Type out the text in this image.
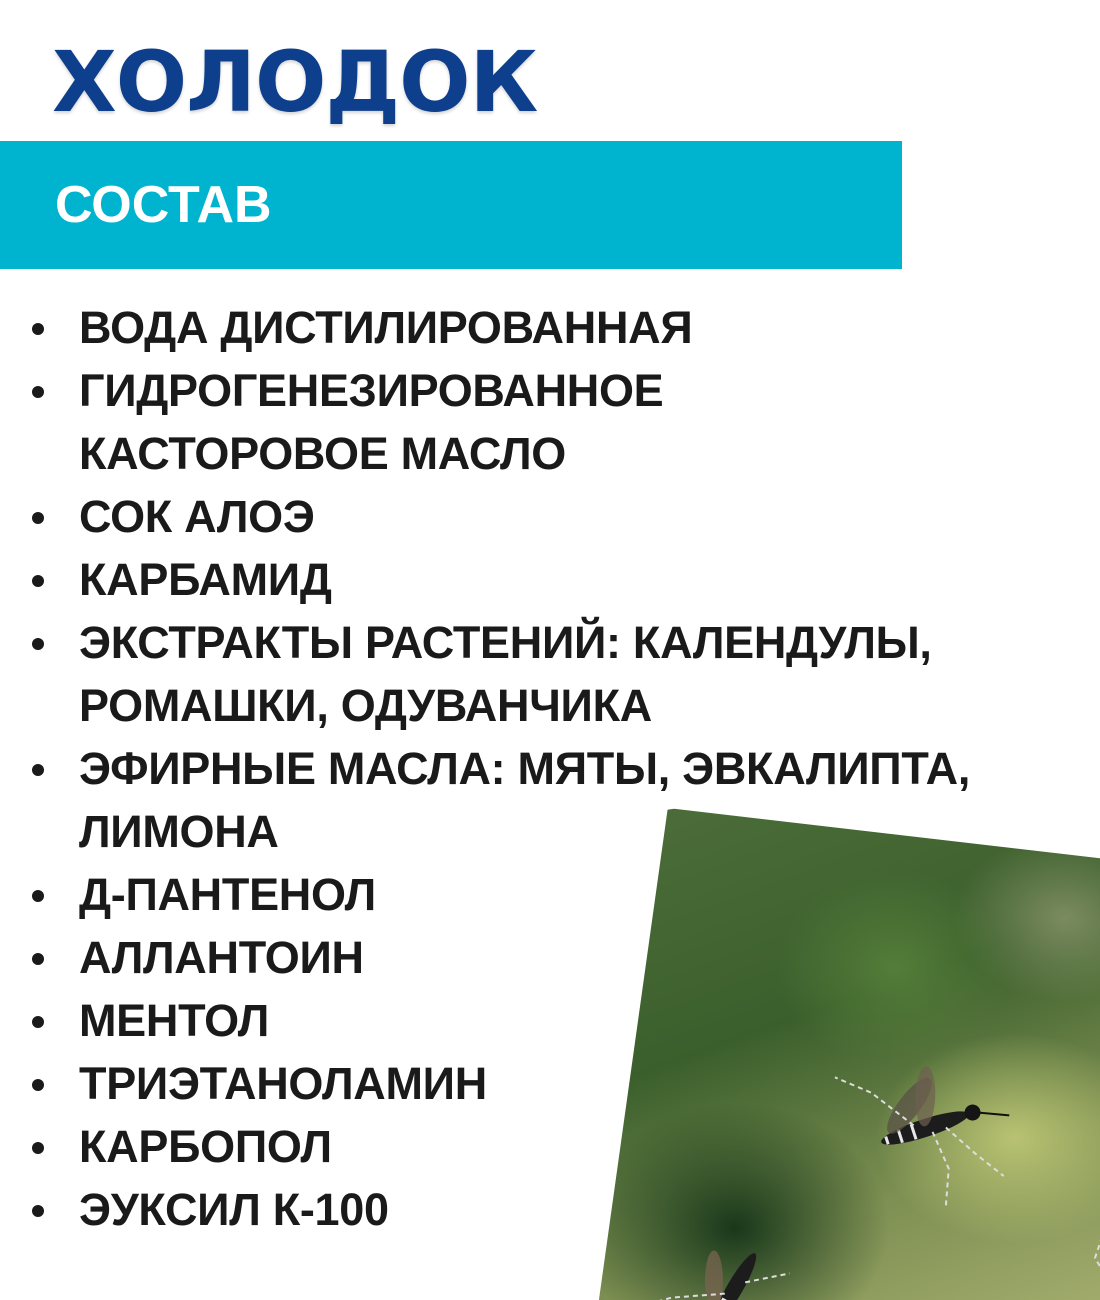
ХОЛОДОК
СОСТАВ
ВОДА ДИСТИЛИРОВАННАЯ
ГИДРОГЕНЕЗИРОВАННОЕ
КАСТОРОВОЕ МАСЛО
СОК АЛОЭ
КАРБАМИД
ЭКСТРАКТЫ РАСТЕНИЙ: КАЛЕНДУЛЫ,
РОМАШКИ, ОДУВАНЧИКА
ЭФИРНЫЕ МАСЛА: МЯТЫ, ЭВКАЛИПТА,
ЛИМОНА
Д-ПАНТЕНОЛ
АЛЛАНТОИН
МЕНТОЛ
ТРИЭТАНОЛАМИН
КАРБОПОЛ
ЭУКСИЛ К-100
